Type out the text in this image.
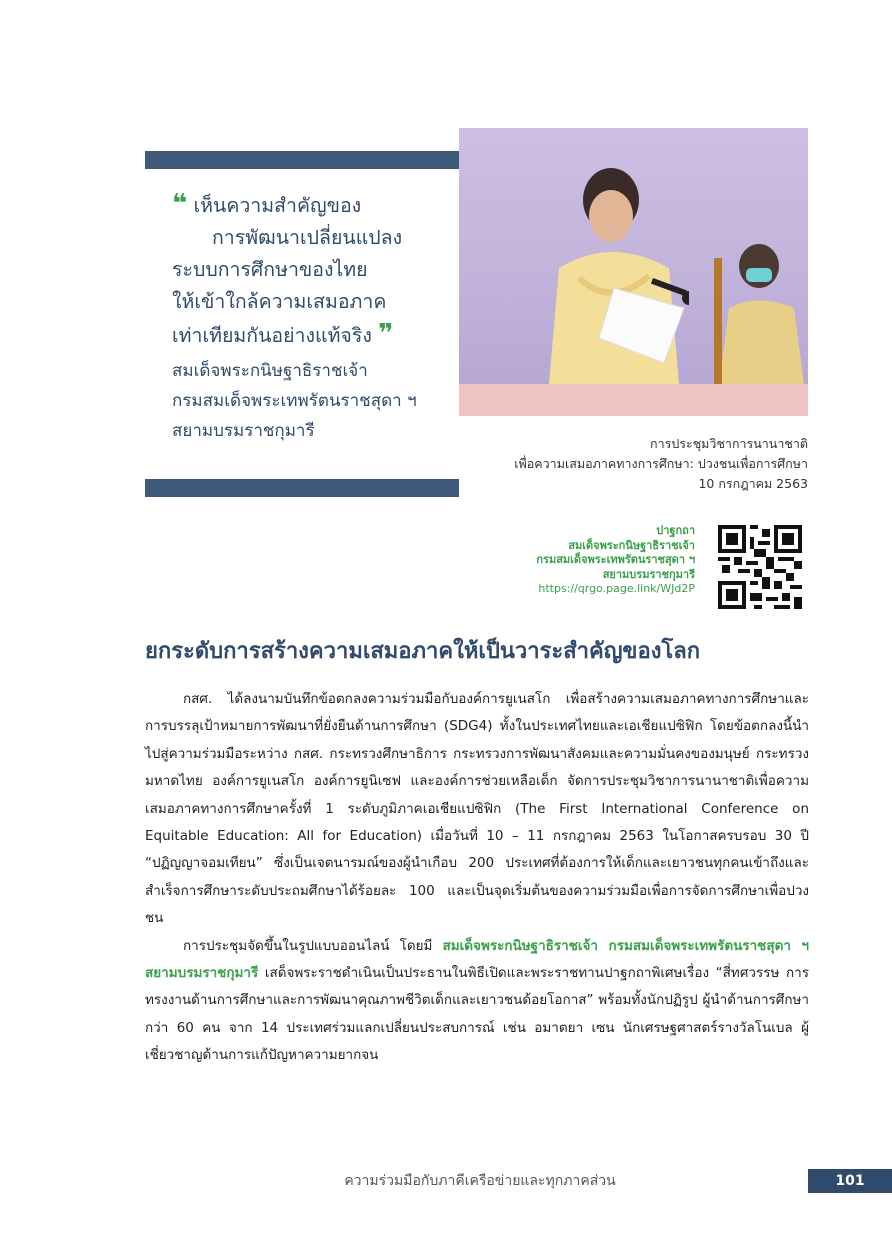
❝ เห็นความสำคัญของ
การพัฒนาเปลี่ยนแปลง
ระบบการศึกษาของไทย
ให้เข้าใกล้ความเสมอภาค
เท่าเทียมกันอย่างแท้จริง ❞
สมเด็จพระกนิษฐาธิราชเจ้า
กรมสมเด็จพระเทพรัตนราชสุดา ฯ
สยามบรมราชกุมารี
การประชุมวิชาการนานาชาติ
เพื่อความเสมอภาคทางการศึกษา: ปวงชนเพื่อการศึกษา
10 กรกฎาคม 2563
ปาฐกถา
สมเด็จพระกนิษฐาธิราชเจ้า
กรมสมเด็จพระเทพรัตนราชสุดา ฯ
สยามบรมราชกุมารี
https://qrgo.page.link/WJd2P
ยกระดับการสร้างความเสมอภาคให้เป็นวาระสำคัญของโลก

กสศ. ได้ลงนามบันทึกข้อตกลงความร่วมมือกับองค์การยูเนสโก เพื่อสร้างความเสมอภาคทางการศึกษาและการบรรลุเป้าหมายการพัฒนาที่ยั่งยืนด้านการศึกษา (SDG4) ทั้งในประเทศไทยและเอเชียแปซิฟิก โดยข้อตกลงนี้นำไปสู่ความร่วมมือระหว่าง กสศ. กระทรวงศึกษาธิการ กระทรวงการพัฒนาสังคมและความมั่นคงของมนุษย์ กระทรวงมหาดไทย องค์การยูเนสโก องค์การยูนิเซฟ และองค์การช่วยเหลือเด็ก จัดการประชุมวิชาการนานาชาติเพื่อความเสมอภาคทางการศึกษาครั้งที่ 1 ระดับภูมิภาคเอเชียแปซิฟิก (The First International Conference on Equitable Education: All for Education) เมื่อวันที่ 10 – 11 กรกฎาคม 2563 ในโอกาสครบรอบ 30 ปี “ปฏิญญาจอมเทียน” ซึ่งเป็นเจตนารมณ์ของผู้นำเกือบ 200 ประเทศที่ต้องการให้เด็กและเยาวชนทุกคนเข้าถึงและสำเร็จการศึกษาระดับประถมศึกษาได้ร้อยละ 100 และเป็นจุดเริ่มต้นของความร่วมมือเพื่อการจัดการศึกษาเพื่อปวงชน

การประชุมจัดขึ้นในรูปแบบออนไลน์ โดยมี สมเด็จพระกนิษฐาธิราชเจ้า กรมสมเด็จพระเทพรัตนราชสุดา ฯ สยามบรมราชกุมารี เสด็จพระราชดำเนินเป็นประธานในพิธีเปิดและพระราชทานปาฐกถาพิเศษเรื่อง “สี่ทศวรรษ การทรงงานด้านการศึกษาและการพัฒนาคุณภาพชีวิตเด็กและเยาวชนด้อยโอกาส” พร้อมทั้งนักปฏิรูป ผู้นำด้านการศึกษา กว่า 60 คน จาก 14 ประเทศร่วมแลกเปลี่ยนประสบการณ์ เช่น อมาตยา เซน นักเศรษฐศาสตร์รางวัลโนเบล ผู้เชี่ยวชาญด้านการแก้ปัญหาความยากจน

ความร่วมมือกับภาคีเครือข่ายและทุกภาคส่วน	101
